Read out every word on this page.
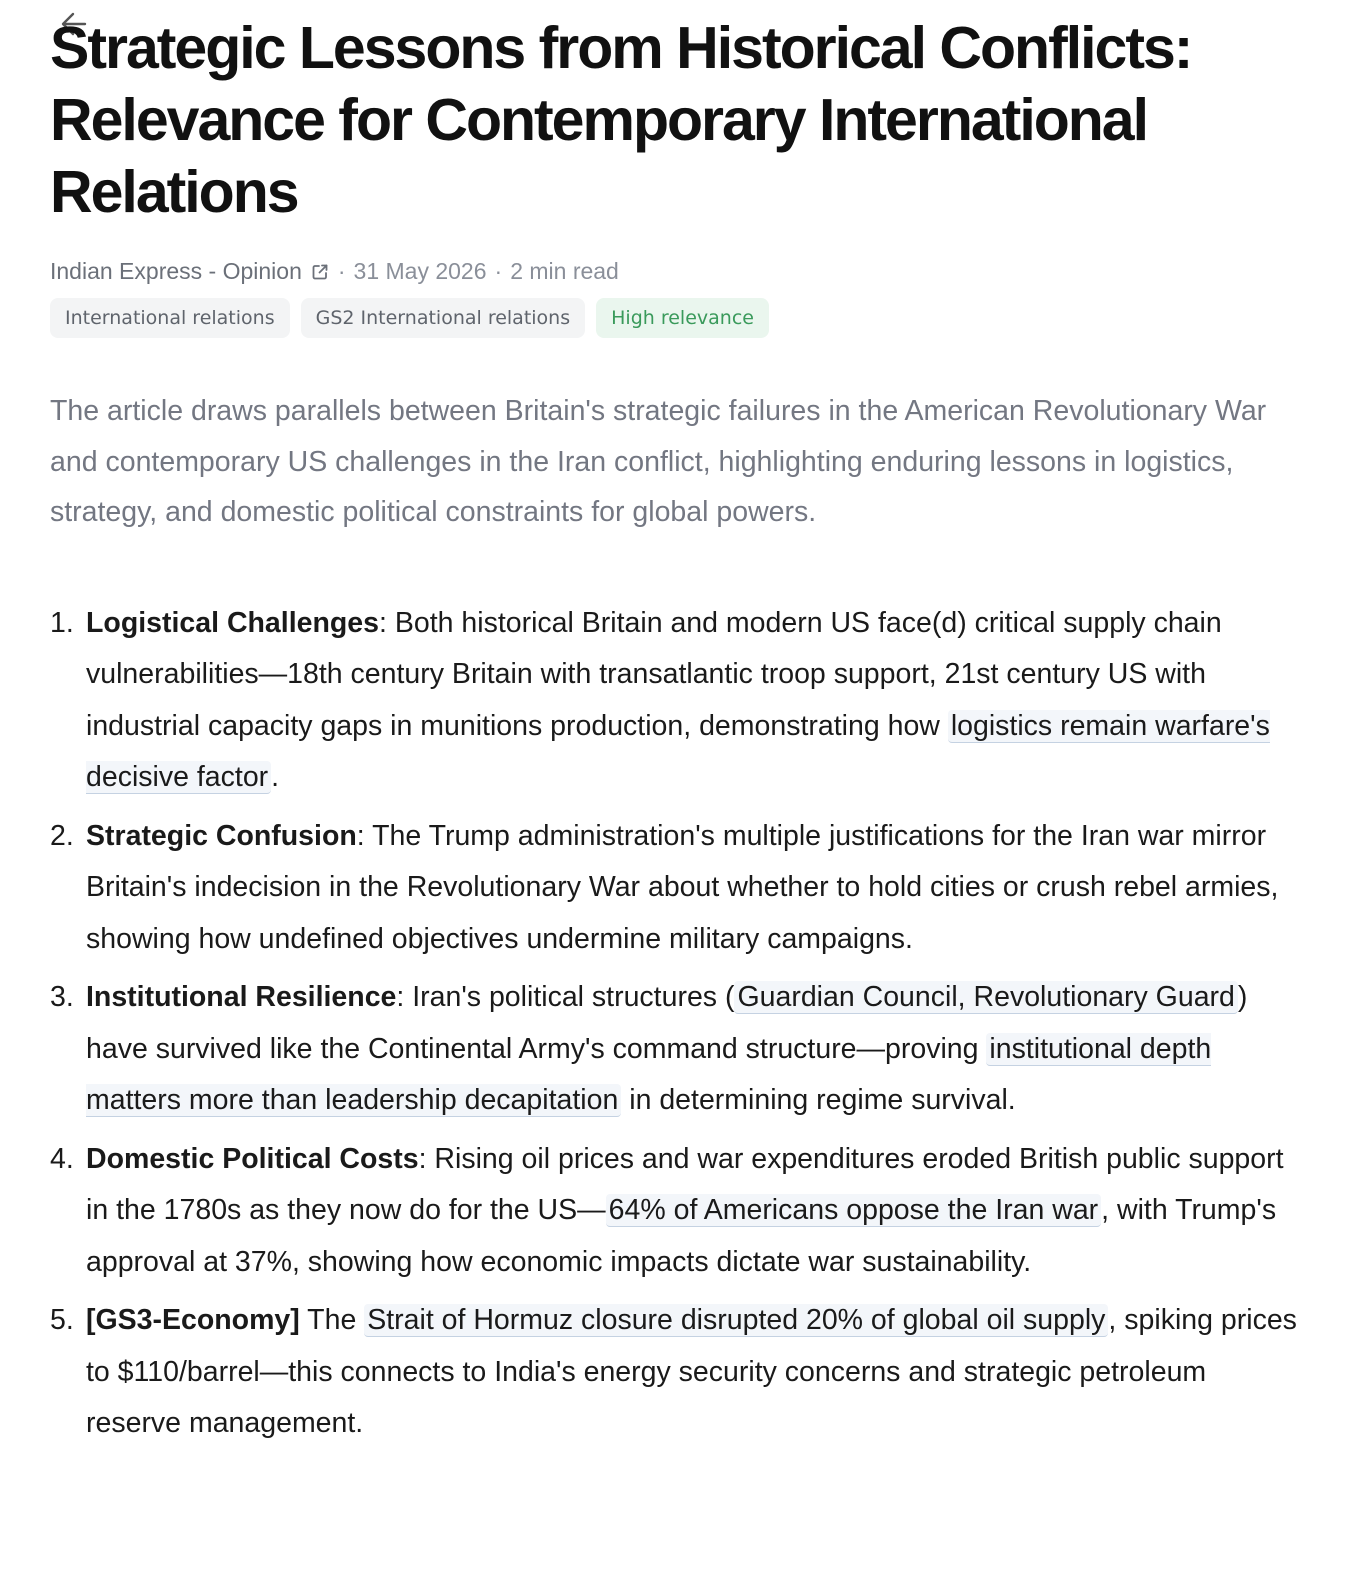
Strategic Lessons from Historical Conflicts: Relevance for Contemporary International Relations
Indian Express - Opinion · 31 May 2026 · 2 min read
International relations	GS2 International relations	High relevance

The article draws parallels between Britain's strategic failures in the American Revolutionary War and contemporary US challenges in the Iran conflict, highlighting enduring lessons in logistics, strategy, and domestic political constraints for global powers.

1. Logistical Challenges: Both historical Britain and modern US face(d) critical supply chain vulnerabilities—18th century Britain with transatlantic troop support, 21st century US with industrial capacity gaps in munitions production, demonstrating how logistics remain warfare's decisive factor .
2. Strategic Confusion: The Trump administration's multiple justifications for the Iran war mirror Britain's indecision in the Revolutionary War about whether to hold cities or crush rebel armies, showing how undefined objectives undermine military campaigns.
3. Institutional Resilience: Iran's political structures ( Guardian Council, Revolutionary Guard ) have survived like the Continental Army's command structure—proving institutional depth matters more than leadership decapitation in determining regime survival.
4. Domestic Political Costs: Rising oil prices and war expenditures eroded British public support in the 1780s as they now do for the US— 64% of Americans oppose the Iran war , with Trump's approval at 37%, showing how economic impacts dictate war sustainability.
5. [GS3-Economy] The Strait of Hormuz closure disrupted 20% of global oil supply , spiking prices to $110/barrel—this connects to India's energy security concerns and strategic petroleum reserve management.
